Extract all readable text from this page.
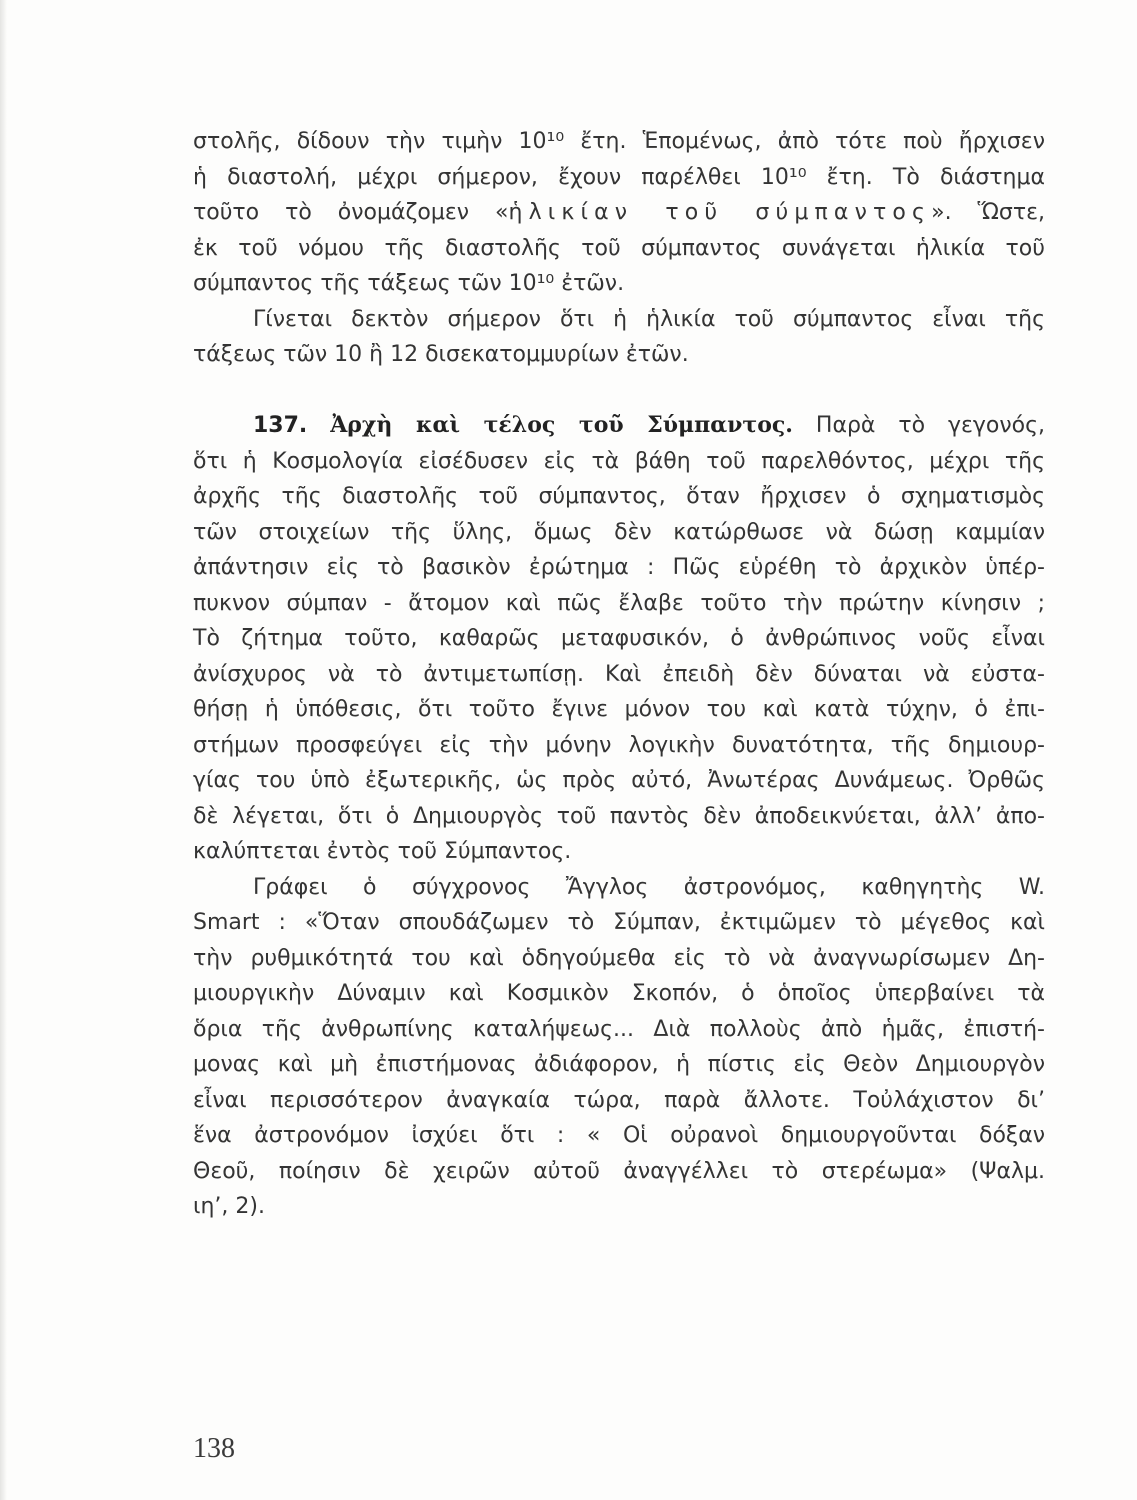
στολῆς, δίδουν τὴν τιμὴν 10¹⁰ ἔτη. Ἑπομένως, ἀπὸ τότε ποὺ ἤρχισεν
ἡ διαστολή, μέχρι σήμερον, ἔχουν παρέλθει 10¹⁰ ἔτη. Τὸ διάστημα
τοῦτο τὸ ὀνομάζομεν «ἡλικίαν τοῦ σύμπαντος». Ὥστε,
ἐκ τοῦ νόμου τῆς διαστολῆς τοῦ σύμπαντος συνάγεται ἡλικία τοῦ
σύμπαντος τῆς τάξεως τῶν 10¹⁰ ἐτῶν.
Γίνεται δεκτὸν σήμερον ὅτι ἡ ἡλικία τοῦ σύμπαντος εἶναι τῆς
τάξεως τῶν 10 ἢ 12 δισεκατομμυρίων ἐτῶν.
137. Ἀρχὴ καὶ τέλος τοῦ Σύμπαντος. Παρὰ τὸ γεγονός,
ὅτι ἡ Κοσμολογία εἰσέδυσεν εἰς τὰ βάθη τοῦ παρελθόντος, μέχρι τῆς
ἀρχῆς τῆς διαστολῆς τοῦ σύμπαντος, ὅταν ἤρχισεν ὁ σχηματισμὸς
τῶν στοιχείων τῆς ὕλης, ὅμως δὲν κατώρθωσε νὰ δώσῃ καμμίαν
ἀπάντησιν εἰς τὸ βασικὸν ἐρώτημα : Πῶς εὑρέθη τὸ ἀρχικὸν ὑπέρ-
πυκνον σύμπαν - ἄτομον καὶ πῶς ἔλαβε τοῦτο τὴν πρώτην κίνησιν ;
Τὸ ζήτημα τοῦτο, καθαρῶς μεταφυσικόν, ὁ ἀνθρώπινος νοῦς εἶναι
ἀνίσχυρος νὰ τὸ ἀντιμετωπίσῃ. Καὶ ἐπειδὴ δὲν δύναται νὰ εὐστα-
θήσῃ ἡ ὑπόθεσις, ὅτι τοῦτο ἔγινε μόνον του καὶ κατὰ τύχην, ὁ ἐπι-
στήμων προσφεύγει εἰς τὴν μόνην λογικὴν δυνατότητα, τῆς δημιουρ-
γίας του ὑπὸ ἐξωτερικῆς, ὡς πρὸς αὐτό, Ἀνωτέρας Δυνάμεως. Ὀρθῶς
δὲ λέγεται, ὅτι ὁ Δημιουργὸς τοῦ παντὸς δὲν ἀποδεικνύεται, ἀλλ’ ἀπο-
καλύπτεται ἐντὸς τοῦ Σύμπαντος.
Γράφει ὁ σύγχρονος Ἄγγλος ἀστρονόμος, καθηγητὴς W.
Smart : «Ὅταν σπουδάζωμεν τὸ Σύμπαν, ἐκτιμῶμεν τὸ μέγεθος καὶ
τὴν ρυθμικότητά του καὶ ὁδηγούμεθα εἰς τὸ νὰ ἀναγνωρίσωμεν Δη-
μιουργικὴν Δύναμιν καὶ Κοσμικὸν Σκοπόν, ὁ ὁποῖος ὑπερβαίνει τὰ
ὅρια τῆς ἀνθρωπίνης καταλήψεως... Διὰ πολλοὺς ἀπὸ ἡμᾶς, ἐπιστή-
μονας καὶ μὴ ἐπιστήμονας ἀδιάφορον, ἡ πίστις εἰς Θεὸν Δημιουργὸν
εἶναι περισσότερον ἀναγκαία τώρα, παρὰ ἄλλοτε. Τοὐλάχιστον δι’
ἕνα ἀστρονόμον ἰσχύει ὅτι : « Οἱ οὐρανοὶ δημιουργοῦνται δόξαν
Θεοῦ, ποίησιν δὲ χειρῶν αὐτοῦ ἀναγγέλλει τὸ στερέωμα» (Ψαλμ.
ιη’, 2).
138
